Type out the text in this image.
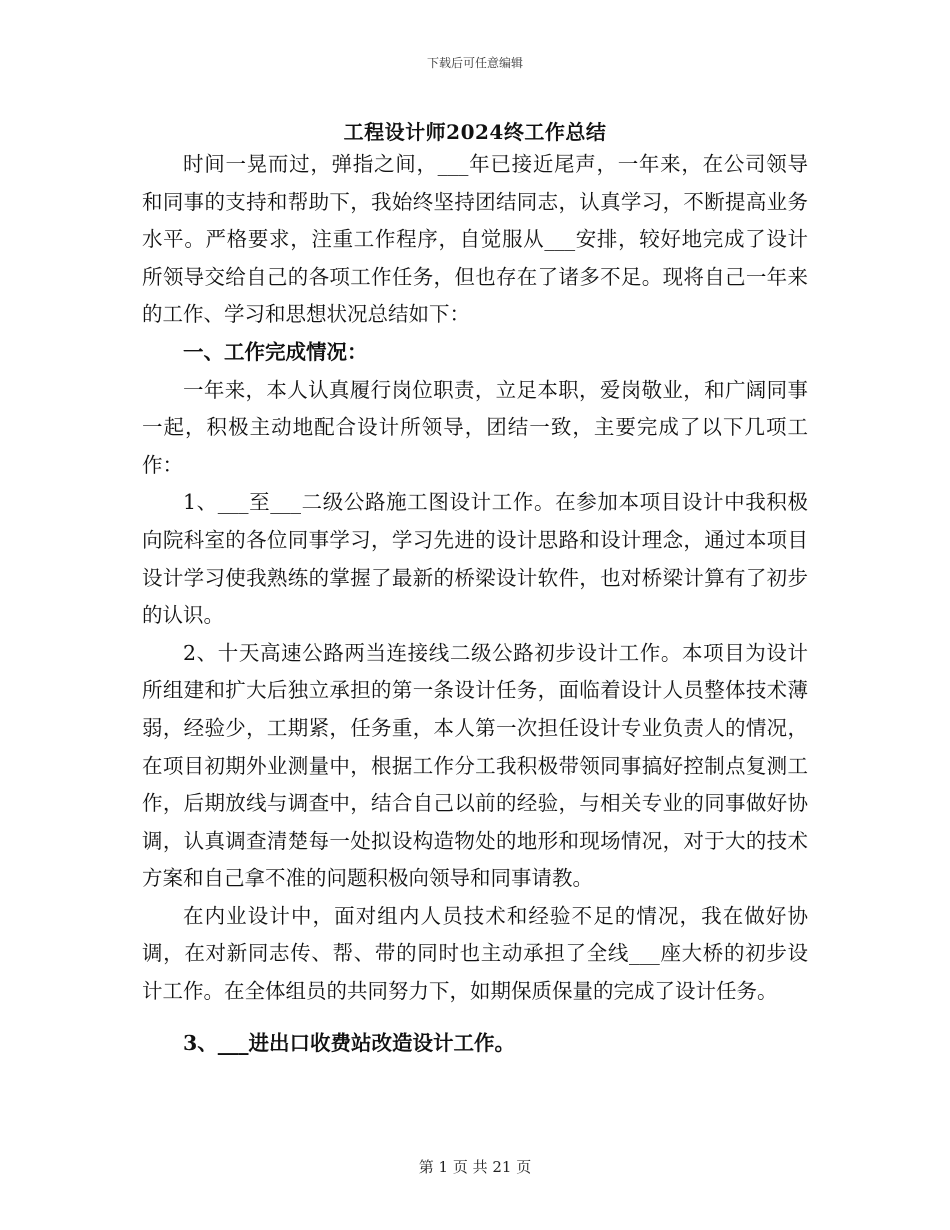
下载后可任意编辑
工程设计师2024终工作总结

时间一晃而过，弹指之间，___年已接近尾声，一年来，在公司领导和同事的支持和帮助下，我始终坚持团结同志，认真学习，不断提高业务水平。严格要求，注重工作程序，自觉服从___安排，较好地完成了设计所领导交给自己的各项工作任务，但也存在了诸多不足。现将自己一年来的工作、学习和思想状况总结如下：

一、工作完成情况：

一年来，本人认真履行岗位职责，立足本职，爱岗敬业，和广阔同事一起，积极主动地配合设计所领导，团结一致，主要完成了以下几项工作：

1、___至___二级公路施工图设计工作。在参加本项目设计中我积极向院科室的各位同事学习，学习先进的设计思路和设计理念，通过本项目设计学习使我熟练的掌握了最新的桥梁设计软件，也对桥梁计算有了初步的认识。

2、十天高速公路两当连接线二级公路初步设计工作。本项目为设计所组建和扩大后独立承担的第一条设计任务，面临着设计人员整体技术薄弱，经验少，工期紧，任务重，本人第一次担任设计专业负责人的情况，在项目初期外业测量中，根据工作分工我积极带领同事搞好控制点复测工作，后期放线与调查中，结合自己以前的经验，与相关专业的同事做好协调，认真调查清楚每一处拟设构造物处的地形和现场情况，对于大的技术方案和自己拿不准的问题积极向领导和同事请教。

在内业设计中，面对组内人员技术和经验不足的情况，我在做好协调，在对新同志传、帮、带的同时也主动承担了全线___座大桥的初步设计工作。在全体组员的共同努力下，如期保质保量的完成了设计任务。

3、___进出口收费站改造设计工作。

第 1 页 共 21 页
